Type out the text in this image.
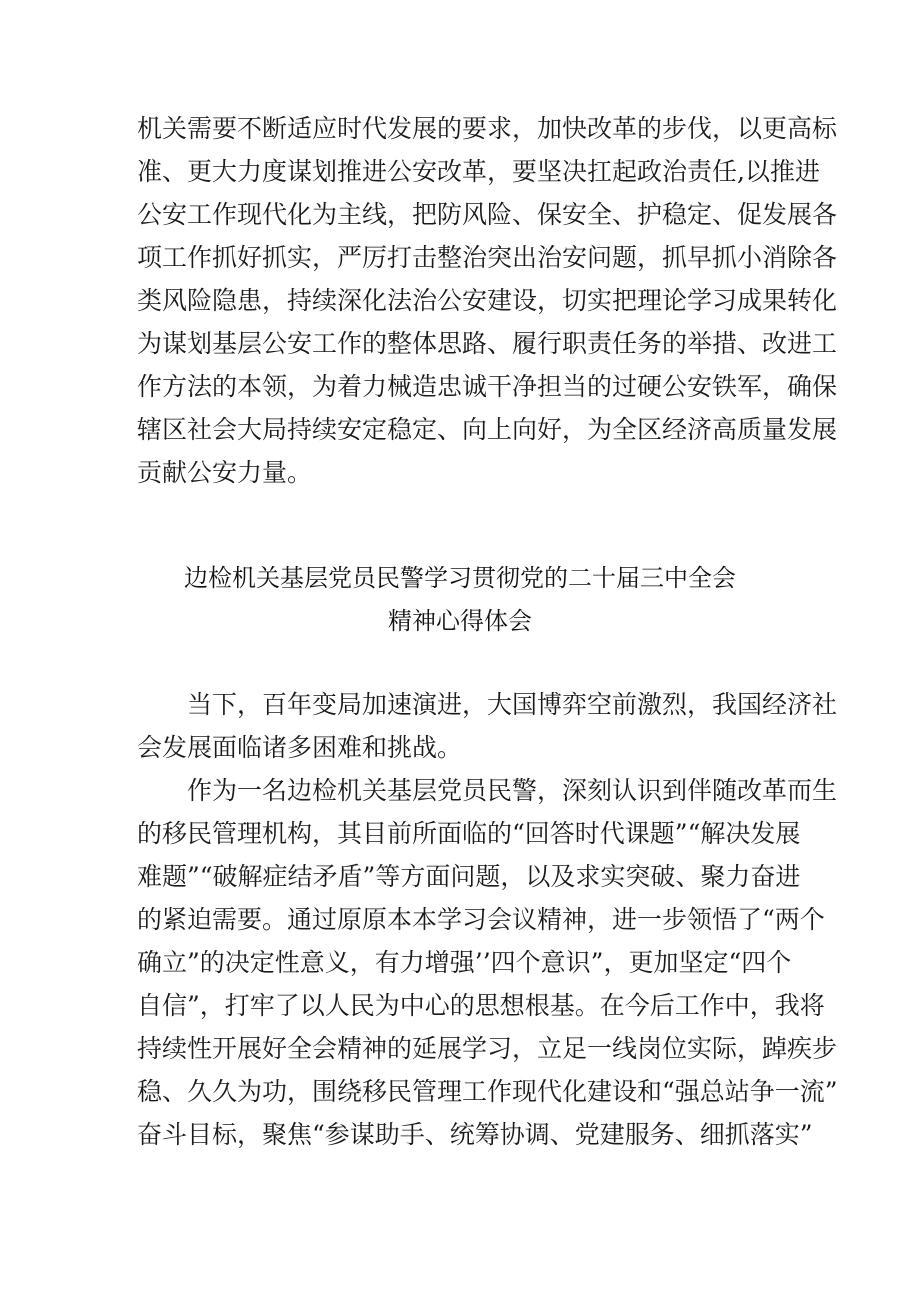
机关需要不断适应时代发展的要求，加快改革的步伐，以更高标
准、更大力度谋划推进公安改革，要坚决扛起政治责任,以推进
公安工作现代化为主线，把防风险、保安全、护稳定、促发展各
项工作抓好抓实，严厉打击整治突出治安问题，抓早抓小消除各
类风险隐患，持续深化法治公安建设，切实把理论学习成果转化
为谋划基层公安工作的整体思路、履行职责任务的举措、改进工
作方法的本领，为着力械造忠诚干净担当的过硬公安铁军，确保
辖区社会大局持续安定稳定、向上向好，为全区经济高质量发展
贡献公安力量。
边检机关基层党员民警学习贯彻党的二十届三中全会
精神心得体会
当下，百年变局加速演进，大国博弈空前激烈，我国经济社
会发展面临诸多困难和挑战。
作为一名边检机关基层党员民警，深刻认识到伴随改革而生
的移民管理机构，其目前所面临的“回答时代课题”“解决发展
难题”“破解症结矛盾”等方面问题，以及求实突破、聚力奋进
的紧迫需要。通过原原本本学习会议精神，进一步领悟了“两个
确立”的决定性意义，有力增强’’四个意识”，更加坚定“四个
自信”，打牢了以人民为中心的思想根基。在今后工作中，我将
持续性开展好全会精神的延展学习，立足一线岗位实际，踔疾步
稳、久久为功，围绕移民管理工作现代化建设和“强总站争一流”
奋斗目标，聚焦“参谋助手、统筹协调、党建服务、细抓落实”
